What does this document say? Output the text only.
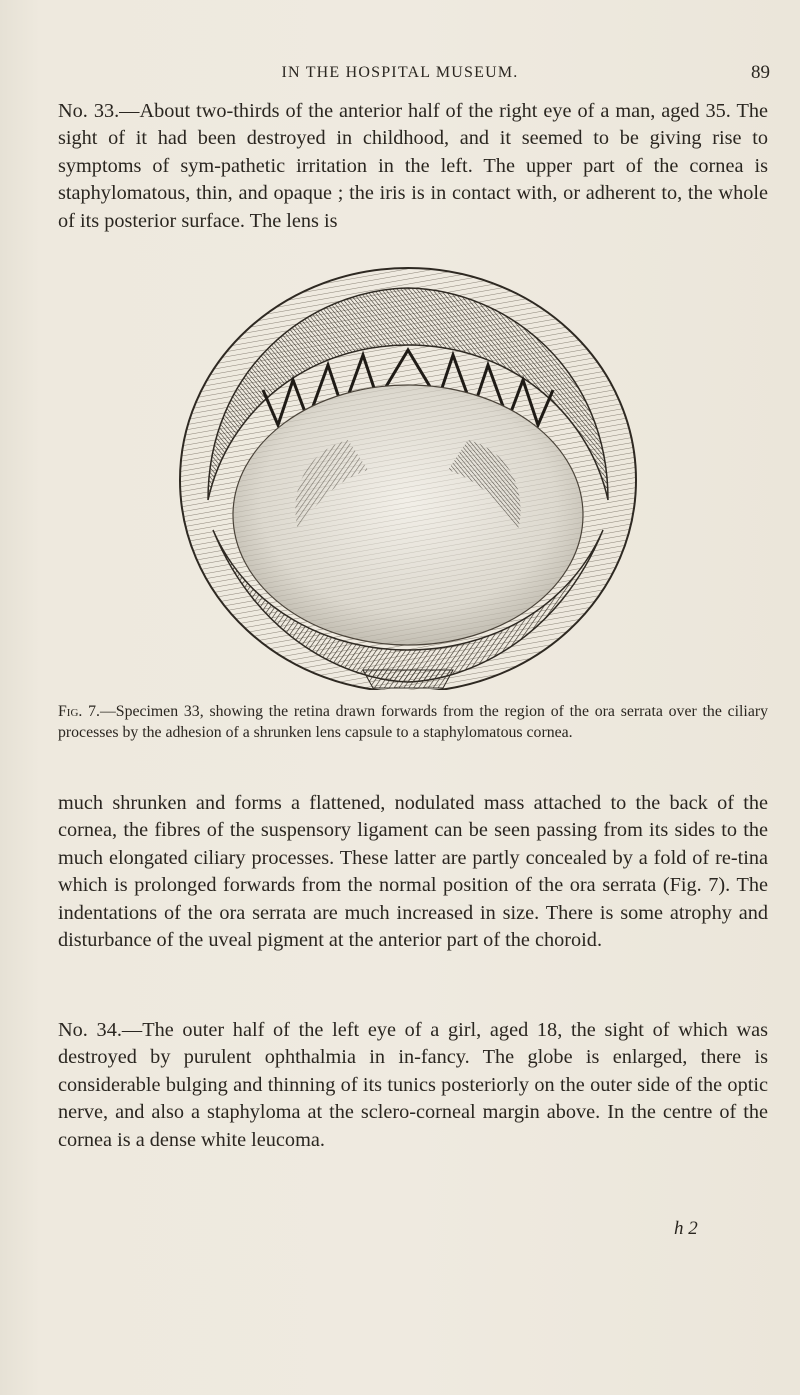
IN THE HOSPITAL MUSEUM.	89

No. 33.—About two-thirds of the anterior half of the right eye of a man, aged 35. The sight of it had been destroyed in childhood, and it seemed to be giving rise to symptoms of sym-pathetic irritation in the left. The upper part of the cornea is staphylomatous, thin, and opaque ; the iris is in contact with, or adherent to, the whole of its posterior surface. The lens is

Fig. 7.—Specimen 33, showing the retina drawn forwards from the region of the ora serrata over the ciliary processes by the adhesion of a shrunken lens capsule to a staphylomatous cornea.

much shrunken and forms a flattened, nodulated mass attached to the back of the cornea, the fibres of the suspensory ligament can be seen passing from its sides to the much elongated ciliary processes. These latter are partly concealed by a fold of re-tina which is prolonged forwards from the normal position of the ora serrata (Fig. 7). The indentations of the ora serrata are much increased in size. There is some atrophy and disturbance of the uveal pigment at the anterior part of the choroid.

No. 34.—The outer half of the left eye of a girl, aged 18, the sight of which was destroyed by purulent ophthalmia in in-fancy. The globe is enlarged, there is considerable bulging and thinning of its tunics posteriorly on the outer side of the optic nerve, and also a staphyloma at the sclero-corneal margin above. In the centre of the cornea is a dense white leucoma.

h 2
